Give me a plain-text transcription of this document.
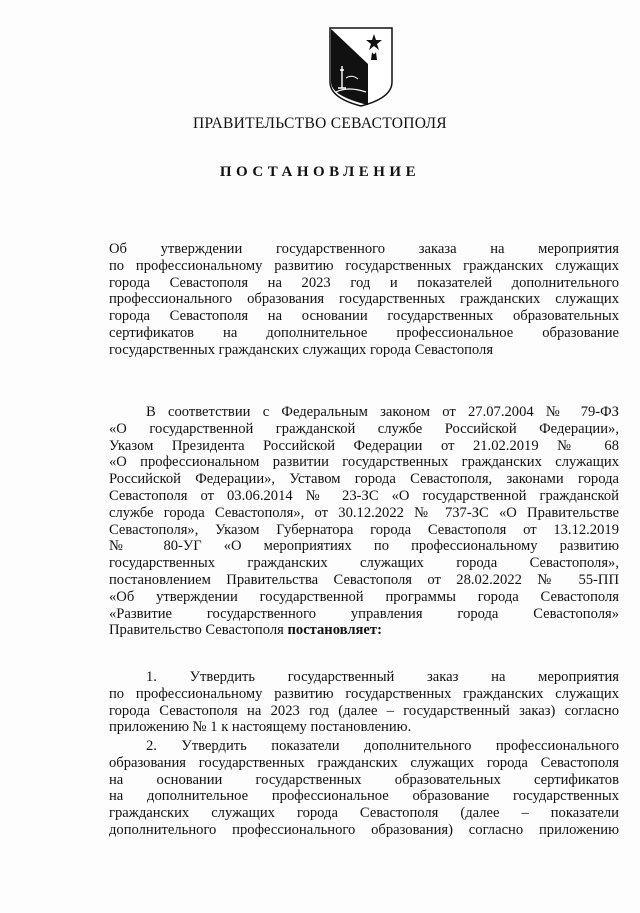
ПРАВИТЕЛЬСТВО СЕВАСТОПОЛЯ
ПОСТАНОВЛЕНИЕ
Об утверждении государственного заказа на мероприятия
по профессиональному развитию государственных гражданских служащих
города Севастополя на 2023 год и показателей дополнительного
профессионального образования государственных гражданских служащих
города Севастополя на основании государственных образовательных
сертификатов на дополнительное профессиональное образование
государственных гражданских служащих города Севастополя
В соответствии с Федеральным законом от 27.07.2004 № 79-ФЗ
«О государственной гражданской службе Российской Федерации»,
Указом Президента Российской Федерации от 21.02.2019 № 68
«О профессиональном развитии государственных гражданских служащих
Российской Федерации», Уставом города Севастополя, законами города
Севастополя от 03.06.2014 № 23-ЗС «О государственной гражданской
службе города Севастополя», от 30.12.2022 № 737-ЗС «О Правительстве
Севастополя», Указом Губернатора города Севастополя от 13.12.2019
№ 80-УГ «О мероприятиях по профессиональному развитию
государственных гражданских служащих города Севастополя»,
постановлением Правительства Севастополя от 28.02.2022 № 55-ПП
«Об утверждении государственной программы города Севастополя
«Развитие государственного управления города Севастополя»
Правительство Севастополя постановляет:
1. Утвердить государственный заказ на мероприятия
по профессиональному развитию государственных гражданских служащих
города Севастополя на 2023 год (далее – государственный заказ) согласно
приложению № 1 к настоящему постановлению.
2. Утвердить показатели дополнительного профессионального
образования государственных гражданских служащих города Севастополя
на основании государственных образовательных сертификатов
на дополнительное профессиональное образование государственных
гражданских служащих города Севастополя (далее – показатели
дополнительного профессионального образования) согласно приложению
